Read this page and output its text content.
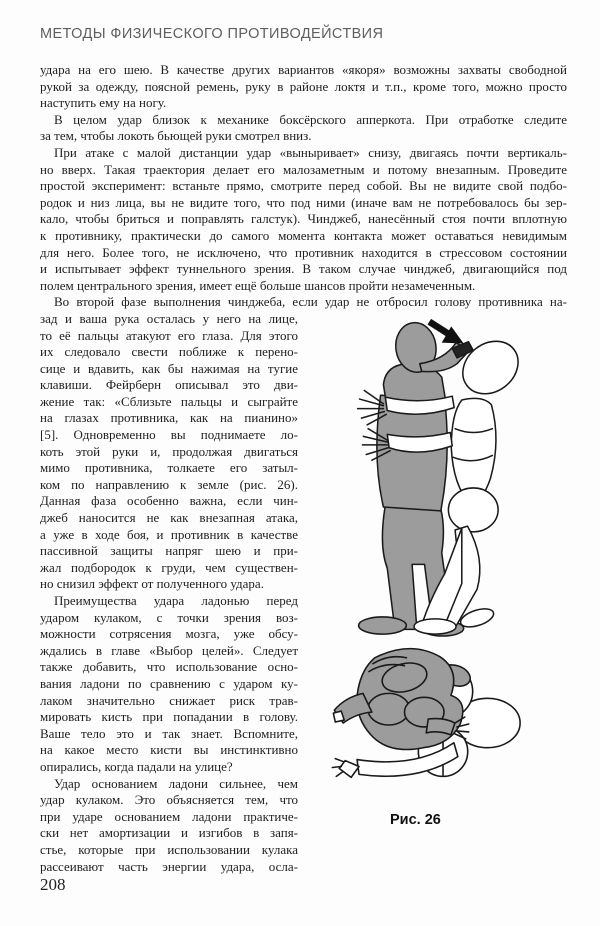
МЕТОДЫ ФИЗИЧЕСКОГО ПРОТИВОДЕЙСТВИЯ
удара на его шею. В качестве других вариантов «якоря» возможны захваты свободной
рукой за одежду, поясной ремень, руку в районе локтя и т.п., кроме того, можно просто
наступить ему на ногу.
В целом удар близок к механике боксёрского апперкота. При отработке следите
за тем, чтобы локоть бьющей руки смотрел вниз.
При атаке с малой дистанции удар «выныривает» снизу, двигаясь почти вертикаль-
но вверх. Такая траектория делает его малозаметным и потому внезапным. Проведите
простой эксперимент: встаньте прямо, смотрите перед собой. Вы не видите свой подбо-
родок и низ лица, вы не видите того, что под ними (иначе вам не потребовалось бы зер-
кало, чтобы бриться и поправлять галстук). Чинджеб, нанесённый стоя почти вплотную
к противнику, практически до самого момента контакта может оставаться невидимым
для него. Более того, не исключено, что противник находится в стрессовом состоянии
и испытывает эффект туннельного зрения. В таком случае чинджеб, двигающийся под
полем центрального зрения, имеет ещё больше шансов пройти незамеченным.
Во второй фазе выполнения чинджеба, если удар не отбросил голову противника на-
зад и ваша рука осталась у него на лице,
то её пальцы атакуют его глаза. Для этого
их следовало свести поближе к перено-
сице и вдавить, как бы нажимая на тугие
клавиши. Фейрберн описывал это дви-
жение так: «Сблизьте пальцы и сыграйте
на глазах противника, как на пианино»
[5]. Одновременно вы поднимаете ло-
коть этой руки и, продолжая двигаться
мимо противника, толкаете его затыл-
ком по направлению к земле (рис. 26).
Данная фаза особенно важна, если чин-
джеб наносится не как внезапная атака,
а уже в ходе боя, и противник в качестве
пассивной защиты напряг шею и при-
жал подбородок к груди, чем существен-
но снизил эффект от полученного удара.
Преимущества удара ладонью перед
ударом кулаком, с точки зрения воз-
можности сотрясения мозга, уже обсу-
ждались в главе «Выбор целей». Следует
также добавить, что использование осно-
вания ладони по сравнению с ударом ку-
лаком значительно снижает риск трав-
мировать кисть при попадании в голову.
Ваше тело это и так знает. Вспомните,
на какое место кисти вы инстинктивно
опирались, когда падали на улице?
Удар основанием ладони сильнее, чем
удар кулаком. Это объясняется тем, что
при ударе основанием ладони практиче-
ски нет амортизации и изгибов в запя-
стье, которые при использовании кулака
рассеивают часть энергии удара, осла-
Рис. 26
208
